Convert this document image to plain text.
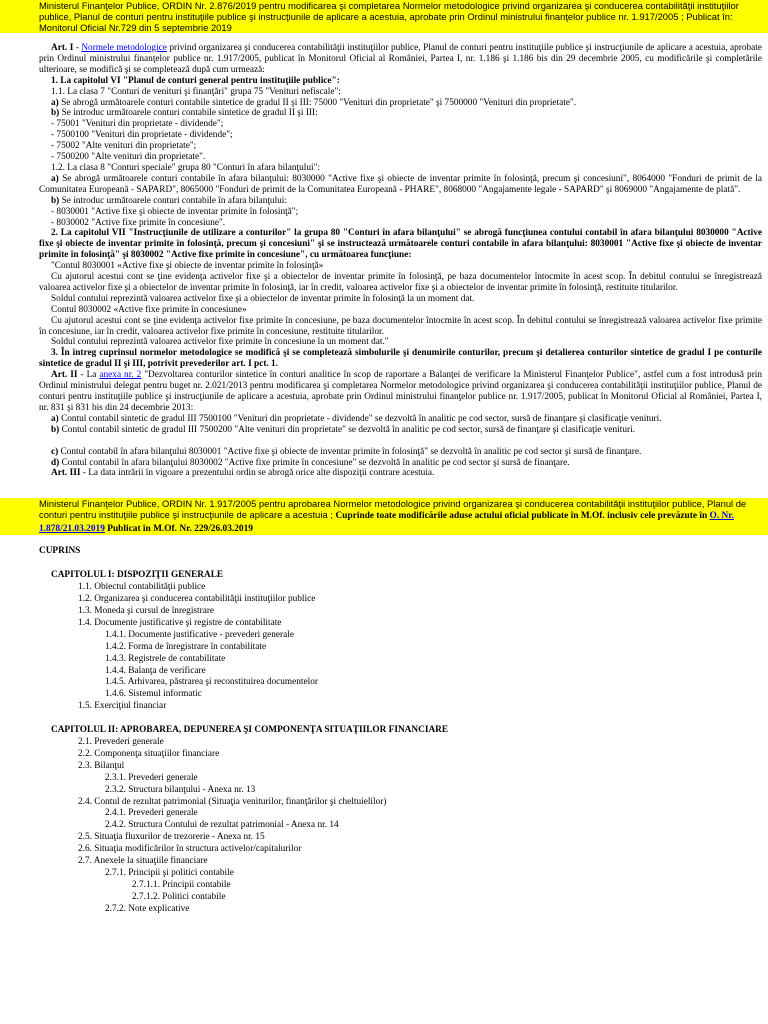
Ministerul Finanţelor Publice, ORDIN Nr. 2.876/2019 pentru modificarea şi completarea Normelor metodologice privind organizarea şi conducerea contabilităţii instituţiilor publice, Planul de conturi pentru instituţiile publice şi instrucţiunile de aplicare a acestuia, aprobate prin Ordinul ministrului finanţelor publice nr. 1.917/2005 ; Publicat în: Monitorul Oficial Nr.729 din 5 septembrie 2019

Art. I - Normele metodologice privind organizarea şi conducerea contabilităţii instituţiilor publice, Planul de conturi pentru instituţiile publice şi instrucţiunile de aplicare a acestuia, aprobate prin Ordinul ministrului finanţelor publice nr. 1.917/2005, publicat în Monitorul Oficial al României, Partea I, nr. 1.186 şi 1.186 bis din 29 decembrie 2005, cu modificările şi completările ulterioare, se modifică şi se completează după cum urmează:

1. La capitolul VI "Planul de conturi general pentru instituţiile publice":

1.1. La clasa 7 "Conturi de venituri şi finanţări" grupa 75 "Venituri nefiscale":

a) Se abrogă următoarele conturi contabile sintetice de gradul II şi III: 75000 "Venituri din proprietate" şi 7500000 "Venituri din proprietate".

b) Se introduc următoarele conturi contabile sintetice de gradul II şi III:

- 75001 "Venituri din proprietate - dividende";

- 7500100 "Venituri din proprietate - dividende";

- 75002 "Alte venituri din proprietate";

- 7500200 "Alte venituri din proprietate".

1.2. La clasa 8 "Conturi speciale" grupa 80 "Conturi în afara bilanţului":

a) Se abrogă următoarele conturi contabile în afara bilanţului: 8030000 "Active fixe şi obiecte de inventar primite în folosinţă, precum şi concesiuni", 8064000 "Fonduri de primit de la Comunitatea Europeană - SAPARD", 8065000 "Fonduri de primit de la Comunitatea Europeană - PHARE", 8068000 "Angajamente legale - SAPARD" şi 8069000 "Angajamente de plată".

b) Se introduc următoarele conturi contabile în afara bilanţului:

- 8030001 "Active fixe şi obiecte de inventar primite în folosinţă";

- 8030002 "Active fixe primite în concesiune".

2. La capitolul VII "Instrucţiunile de utilizare a conturilor" la grupa 80 "Conturi în afara bilanţului" se abrogă funcţiunea contului contabil în afara bilanţului 8030000 "Active fixe şi obiecte de inventar primite în folosinţă, precum şi concesiuni" şi se instructează următoarele conturi contabile în afara bilanţului: 8030001 "Active fixe şi obiecte de inventar primite în folosinţă" şi 8030002 "Active fixe primite în concesiune", cu următoarea funcţiune:

"Contul 8030001 «Active fixe şi obiecte de inventar primite în folosinţă»

Cu ajutorul acestui cont se ţine evidenţa activelor fixe şi a obiectelor de inventar primite în folosinţă, pe baza documentelor întocmite în acest scop. În debitul contului se înregistrează valoarea activelor fixe şi a obiectelor de inventar primite în folosinţă, iar în credit, valoarea activelor fixe şi a obiectelor de inventar primite în folosinţă, restituite titularilor.

Soldul contului reprezintă valoarea activelor fixe şi a obiectelor de inventar primite în folosinţă la un moment dat.

Contul 8030002 «Active fixe primite în concesiune»

Cu ajutorul acestui cont se ţine evidenţa activelor fixe primite în concesiune, pe baza documentelor întocmite în acest scop. În debitul contului se înregistrează valoarea activelor fixe primite în concesiune, iar în credit, valoarea activelor fixe primite în concesiune, restituite titularilor.

Soldul contului reprezintă valoarea activelor fixe primite în concesiune la un moment dat."

3. În întreg cuprinsul normelor metodologice se modifică şi se completează simbolurile şi denumirile conturilor, precum şi detalierea conturilor sintetice de gradul I pe conturile sintetice de gradul II şi III, potrivit prevederilor art. I pct. 1.

Art. II - La anexa nr. 2 "Dezvoltarea conturilor sintetice în conturi analitice în scop de raportare a Balanţei de verificare la Ministerul Finanţelor Publice", astfel cum a fost introdusă prin Ordinul ministrului delegat pentru buget nr. 2.021/2013 pentru modificarea şi completarea Normelor metodologice privind organizarea şi conducerea contabilităţii instituţiilor publice, Planul de conturi pentru instituţiile publice şi instrucţiunile de aplicare a acestuia, aprobate prin Ordinul ministrului finanţelor publice nr. 1.917/2005, publicat în Monitorul Oficial al României, Partea I, nr. 831 şi 831 bis din 24 decembrie 2013:

a) Contul contabil sintetic de gradul III 7500100 "Venituri din proprietate - dividende" se dezvoltă în analitic pe cod sector, sursă de finanţare şi clasificaţie venituri.

b) Contul contabil sintetic de gradul III 7500200 "Alte venituri din proprietate" se dezvoltă în analitic pe cod sector, sursă de finanţare şi clasificaţie venituri.

c) Contul contabil în afara bilanţului 8030001 "Active fixe şi obiecte de inventar primite în folosinţă" se dezvoltă în analitic pe cod sector şi sursă de finanţare.

d) Contul contabil în afara bilanţului 8030002 "Active fixe primite în concesiune" se dezvoltă în analitic pe cod sector şi sursă de finanţare.

Art. III - La data intrării în vigoare a prezentului ordin se abrogă orice alte dispoziţii contrare acestuia.

Ministerul Finanţelor Publice, ORDIN Nr. 1.917/2005 pentru aprobarea Normelor metodologice privind organizarea şi conducerea contabilităţii instituţiilor publice, Planul de conturi pentru instituţiile publice şi instrucţiunile de aplicare a acestuia ; Cuprinde toate modificările aduse actului oficial publicate în M.Of. inclusiv cele prevăzute în O. Nr. 1.878/21.03.2019 Publicat în M.Of. Nr. 229/26.03.2019

CUPRINS

CAPITOLUL I: DISPOZIŢII GENERALE

1.1. Obiectul contabilităţii publice

1.2. Organizarea şi conducerea contabilităţii instituţiilor publice

1.3. Moneda şi cursul de înregistrare

1.4. Documente justificative şi registre de contabilitate

1.4.1. Documente justificative - prevederi generale

1.4.2. Forma de înregistrare în contabilitate

1.4.3. Registrele de contabilitate

1.4.4. Balanţa de verificare

1.4.5. Arhivarea, păstrarea şi reconstituirea documentelor

1.4.6. Sistemul informatic

1.5. Exerciţiul financiar

CAPITOLUL II: APROBAREA, DEPUNEREA ŞI COMPONENŢA SITUAŢIILOR FINANCIARE

2.1. Prevederi generale

2.2. Componenţa situaţiilor financiare

2.3. Bilanţul

2.3.1. Prevederi generale

2.3.2. Structura bilanţului - Anexa nr. 13

2.4. Contul de rezultat patrimonial (Situaţia veniturilor, finanţărilor şi cheltuielilor)

2.4.1. Prevederi generale

2.4.2. Structura Contului de rezultat patrimonial - Anexa nr. 14

2.5. Situaţia fluxurilor de trezorerie - Anexa nr. 15

2.6. Situaţia modificărilor în structura activelor/capitalurilor

2.7. Anexele la situaţiile financiare

2.7.1. Principii şi politici contabile

2.7.1.1. Principii contabile

2.7.1.2. Politici contabile

2.7.2. Note explicative
